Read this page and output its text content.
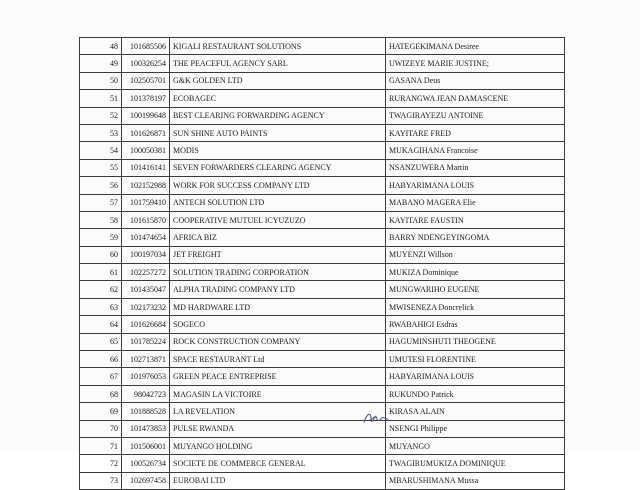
48	101685506	KIGALI RESTAURANT SOLUTIONS	HATEGEKIMANA Desiree
49	100326254	THE PEACEFUL AGENCY SARL	UWIZEYE MARIE JUSTINE;
50	102505701	G&K GOLDEN LTD	GASANA Deus
51	101378197	ECOBAGEC	RURANGWA JEAN DAMASCENE
52	100199648	BEST CLEARING FORWARDING AGENCY	TWAGIRAYEZU ANTOINE
53	101626871	SUN SHINE AUTO PAINTS	KAYITARE FRED
54	100050381	MODIS	MUKAGIHANA Francoise
55	101416141	SEVEN FORWARDERS CLEARING AGENCY	NSANZUWERA Martin
56	102152988	WORK FOR SUCCESS COMPANY LTD	HABYARIMANA LOUIS
57	101759410	ANTECH SOLUTION LTD	MABANO MAGERA Elie
58	101615870	COOPERATIVE MUTUEL ICYUZUZO	KAYITARE FAUSTIN
59	101474654	AFRICA BIZ	BARRY NDENGEYINGOMA
60	100197034	JET FREIGHT	MUYENZI Willson
61	102257272	SOLUTION TRADING CORPORATION	MUKIZA Dominique
62	101435047	ALPHA TRADING COMPANY LTD	MUNGWARIHO EUGENE
63	102173232	MD HARDWARE LTD	MWISENEZA Doncrelick
64	101626684	SOGECO	RWABAHIGI Esdras
65	101785224	ROCK CONSTRUCTION COMPANY	HAGUMINSHUTI THEOGENE
66	102713871	SPACE RESTAURANT Ltd	UMUTESI FLORENTINE
67	101976053	GREEN PEACE ENTREPRISE	HABYARIMANA LOUIS
68	98042723	MAGASIN LA VICTOIRE	RUKUNDO Patrick
69	101888528	LA REVELATION	KIRASA ALAIN
70	101473853	PULSE RWANDA	NSENGI Philippe
71	101506001	MUYANGO HOLDING	MUYANGO
72	100526734	SOCIETE DE COMMERCE GENERAL	TWAGIRUMUKIZA DOMINIQUE
73	102697458	EUROBAI LTD	MBARUSHIMANA Mussa
